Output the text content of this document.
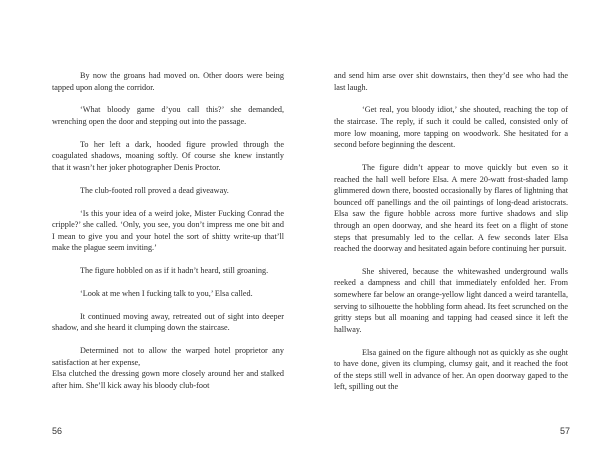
By now the groans had moved on. Other doors were being tapped upon along the corridor.

‘What bloody game d’you call this?’ she demanded, wrenching open the door and stepping out into the passage.

To her left a dark, hooded figure prowled through the coagulated shadows, moaning softly. Of course she knew instantly that it wasn’t her joker photographer Denis Proctor.

The club-footed roll proved a dead giveaway.

‘Is this your idea of a weird joke, Mister Fucking Conrad the cripple?’ she called. ‘Only, you see, you don’t impress me one bit and I mean to give you and your hotel the sort of shitty write-up that’ll make the plague seem inviting.’

The figure hobbled on as if it hadn’t heard, still groaning.

‘Look at me when I fucking talk to you,’ Elsa called.

It continued moving away, retreated out of sight into deeper shadow, and she heard it clumping down the staircase.

Determined not to allow the warped hotel proprietor any satisfaction at her expense,

Elsa clutched the dressing gown more closely around her and stalked after him. She’ll kick away his bloody club-foot

56

and send him arse over shit downstairs, then they’d see who had the last laugh.

‘Get real, you bloody idiot,’ she shouted, reaching the top of the staircase. The reply, if such it could be called, consisted only of more low moaning, more tapping on woodwork. She hesitated for a second before beginning the descent.

The figure didn’t appear to move quickly but even so it reached the hall well before Elsa. A mere 20-watt frost-shaded lamp glimmered down there, boosted occasionally by flares of lightning that bounced off panellings and the oil paintings of long-dead aristocrats. Elsa saw the figure hobble across more furtive shadows and slip through an open doorway, and she heard its feet on a flight of stone steps that presumably led to the cellar. A few seconds later Elsa reached the doorway and hesitated again before continuing her pursuit.

She shivered, because the whitewashed underground walls reeked a dampness and chill that immediately enfolded her. From somewhere far below an orange-yellow light danced a weird tarantella, serving to silhouette the hobbling form ahead. Its feet scrunched on the gritty steps but all moaning and tapping had ceased since it left the hallway.

Elsa gained on the figure although not as quickly as she ought to have done, given its clumping, clumsy gait, and it reached the foot of the steps still well in advance of her. An open doorway gaped to the left, spilling out the

57
